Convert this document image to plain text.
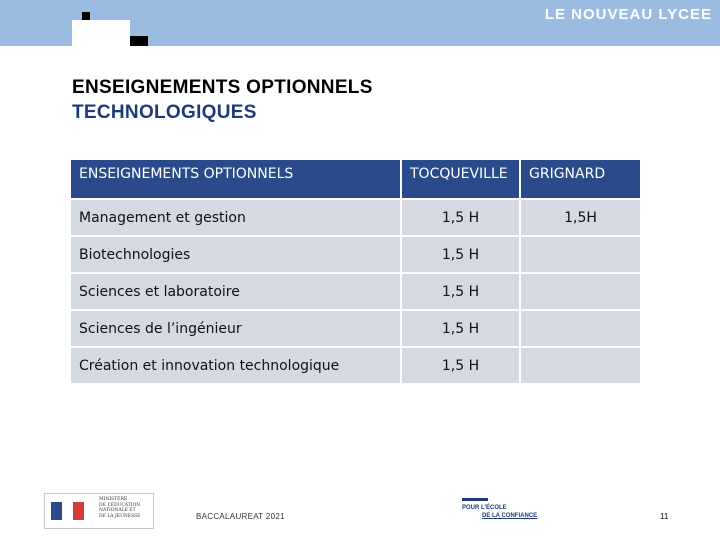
LE NOUVEAU LYCEE
ENSEIGNEMENTS OPTIONNELS
TECHNOLOGIQUES
ENSEIGNEMENTS OPTIONNELS	TOCQUEVILLE	GRIGNARD
Management et gestion	1,5 H	1,5H
Biotechnologies	1,5 H	
Sciences et laboratoire	1,5 H	
Sciences de l’ingénieur	1,5 H	
Création et innovation technologique	1,5 H	
MINISTÈRE
DE L’ÉDUCATION
NATIONALE ET
DE LA JEUNESSE	BACCALAUREAT 2021
POUR L’ÉCOLE
DE LA CONFIANCE	11
